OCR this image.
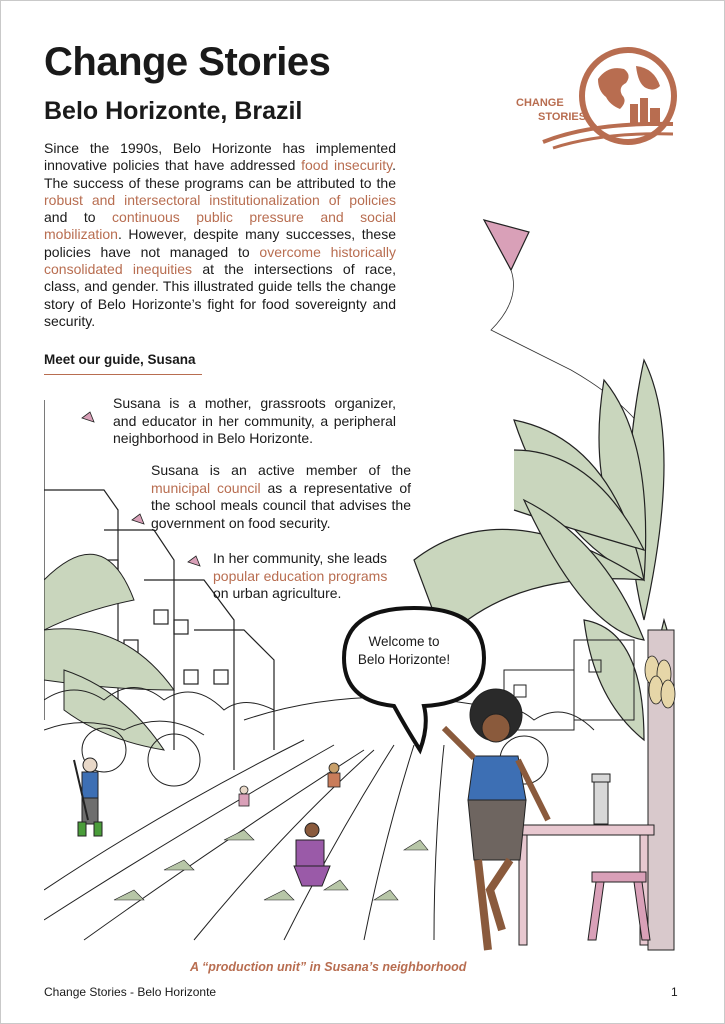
Change Stories
Belo Horizonte, Brazil	CHANGE
STORIES

Since the 1990s, Belo Horizonte has implemented innovative policies that have addressed food insecurity. The success of these programs can be attributed to the robust and intersectoral institutionalization of policies and to continuous public pressure and social mobilization. However, despite many successes, these policies have not managed to overcome historically consolidated inequities at the intersections of race, class, and gender. This illustrated guide tells the change story of Belo Horizonte’s fight for food sovereignty and security.

Meet our guide, Susana

Susana is a mother, grassroots organizer, and educator in her community, a peripheral neighborhood in Belo Horizonte.

Susana is an active member of the municipal council as a representative of the school meals council that advises the government on food security.

In her community, she leads popular education programs on urban agriculture.

Welcome to
Belo Horizonte!

A “production unit” in Susana’s neighborhood

Change Stories - Belo Horizonte	1
